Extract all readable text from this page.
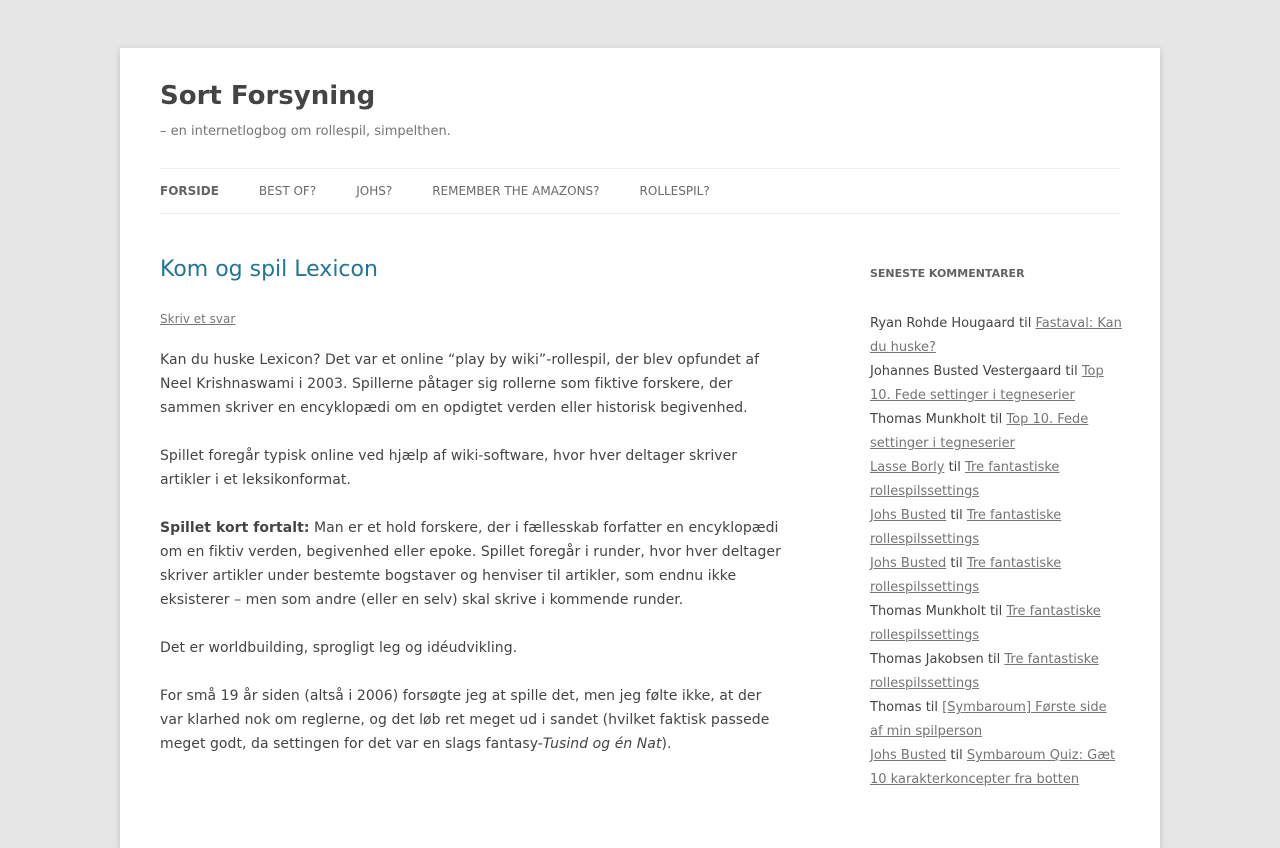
Sort Forsyning

– en internetlogbog om rollespil, simpelthen.

FORSIDE	BEST OF?	JOHS?	REMEMBER THE AMAZONS?	ROLLESPIL?
Kom og spil Lexicon
Skriv et svar

Kan du huske Lexicon? Det var et online “play by wiki”-rollespil, der blev opfundet af Neel Krishnaswami i 2003. Spillerne påtager sig rollerne som fiktive forskere, der sammen skriver en encyklopædi om en opdigtet verden eller historisk begivenhed.

Spillet foregår typisk online ved hjælp af wiki-software, hvor hver deltager skriver artikler i et leksikonformat.

Spillet kort fortalt: Man er et hold forskere, der i fællesskab forfatter en encyklopædi om en fiktiv verden, begivenhed eller epoke. Spillet foregår i runder, hvor hver deltager skriver artikler under bestemte bogstaver og henviser til artikler, som endnu ikke eksisterer – men som andre (eller en selv) skal skrive i kommende runder.

Det er worldbuilding, sprogligt leg og idéudvikling.

For små 19 år siden (altså i 2006) forsøgte jeg at spille det, men jeg følte ikke, at der var klarhed nok om reglerne, og det løb ret meget ud i sandet (hvilket faktisk passede meget godt, da settingen for det var en slags fantasy-Tusind og én Nat).

SENESTE KOMMENTARER
Ryan Rohde Hougaard til Fastaval: Kan du huske?
Johannes Busted Vestergaard til Top 10. Fede settinger i tegneserier
Thomas Munkholt til Top 10. Fede settinger i tegneserier
Lasse Borly til Tre fantastiske rollespilssettings
Johs Busted til Tre fantastiske rollespilssettings
Johs Busted til Tre fantastiske rollespilssettings
Thomas Munkholt til Tre fantastiske rollespilssettings
Thomas Jakobsen til Tre fantastiske rollespilssettings
Thomas til [Symbaroum] Første side af min spilperson
Johs Busted til Symbaroum Quiz: Gæt 10 karakterkoncepter fra botten
